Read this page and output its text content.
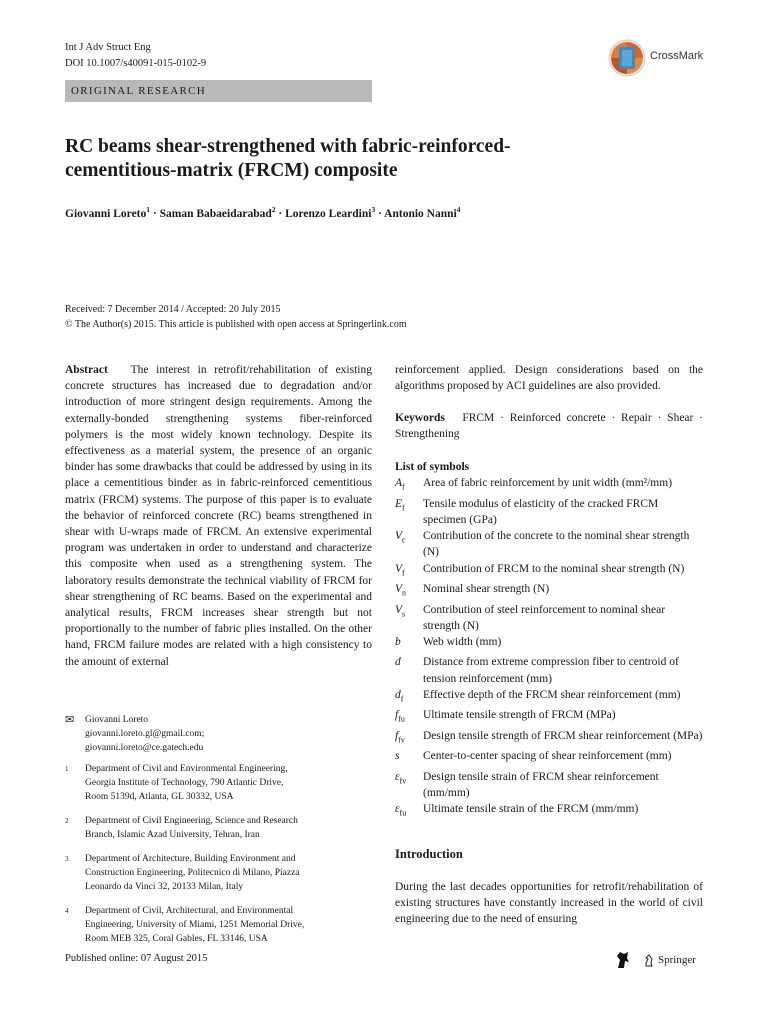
Int J Adv Struct Eng
DOI 10.1007/s40091-015-0102-9
CrossMark
ORIGINAL RESEARCH
RC beams shear-strengthened with fabric-reinforced-
cementitious-matrix (FRCM) composite
Giovanni Loreto$^1$ · Saman Babaeidarabad$^2$ · Lorenzo Leardini$^3$ · Antonio Nanni$^4$
Received: 7 December 2014 / Accepted: 20 July 2015
© The Author(s) 2015. This article is published with open access at Springerlink.com
Abstract The interest in retrofit/rehabilitation of existing concrete structures has increased due to degradation and/or introduction of more stringent design requirements. Among the externally-bonded strengthening systems fiber-reinforced polymers is the most widely known technology. Despite its effectiveness as a material system, the presence of an organic binder has some drawbacks that could be addressed by using in its place a cementitious binder as in fabric-reinforced cementitious matrix (FRCM) systems. The purpose of this paper is to evaluate the behavior of reinforced concrete (RC) beams strengthened in shear with U-wraps made of FRCM. An extensive experimental program was undertaken in order to understand and characterize this composite when used as a strengthening system. The laboratory results demonstrate the technical viability of FRCM for shear strengthening of RC beams. Based on the experimental and analytical results, FRCM increases shear strength but not proportionally to the number of fabric plies installed. On the other hand, FRCM failure modes are related with a high consistency to the amount of external
✉	Giovanni Loreto
giovanni.loreto.gl@gmail.com;
giovanni.loreto@ce.gatech.edu
1	Department of Civil and Environmental Engineering,
Georgia Institute of Technology, 790 Atlantic Drive,
Room 5139d, Atlanta, GL 30332, USA
2	Department of Civil Engineering, Science and Research
Branch, Islamic Azad University, Tehran, Iran
3	Department of Architecture, Building Environment and
Construction Engineering, Politecnico di Milano, Piazza
Leonardo da Vinci 32, 20133 Milan, Italy
4	Department of Civil, Architectural, and Environmental
Engineering, University of Miami, 1251 Memorial Drive,
Room MEB 325, Coral Gables, FL 33146, USA
reinforcement applied. Design considerations based on the algorithms proposed by ACI guidelines are also provided.
Keywords FRCM · Reinforced concrete · Repair · Shear · Strengthening
List of symbols
$A_f$	Area of fabric reinforcement by unit width (mm²/mm)
$E_f$	Tensile modulus of elasticity of the cracked FRCM specimen (GPa)
$V_c$	Contribution of the concrete to the nominal shear strength (N)
$V_f$	Contribution of FRCM to the nominal shear strength (N)
$V_n$	Nominal shear strength (N)
$V_s$	Contribution of steel reinforcement to nominal shear strength (N)
b	Web width (mm)
d	Distance from extreme compression fiber to centroid of tension reinforcement (mm)
$d_f$	Effective depth of the FRCM shear reinforcement (mm)
$f_{fu}$	Ultimate tensile strength of FRCM (MPa)
$f_{fv}$	Design tensile strength of FRCM shear reinforcement (MPa)
s	Center-to-center spacing of shear reinforcement (mm)
$\varepsilon_{fv}$	Design tensile strain of FRCM shear reinforcement (mm/mm)
$\varepsilon_{fu}$	Ultimate tensile strain of the FRCM (mm/mm)
Introduction
During the last decades opportunities for retrofit/rehabilitation of existing structures have constantly increased in the world of civil engineering due to the need of ensuring
Published online: 07 August 2015	Springer
